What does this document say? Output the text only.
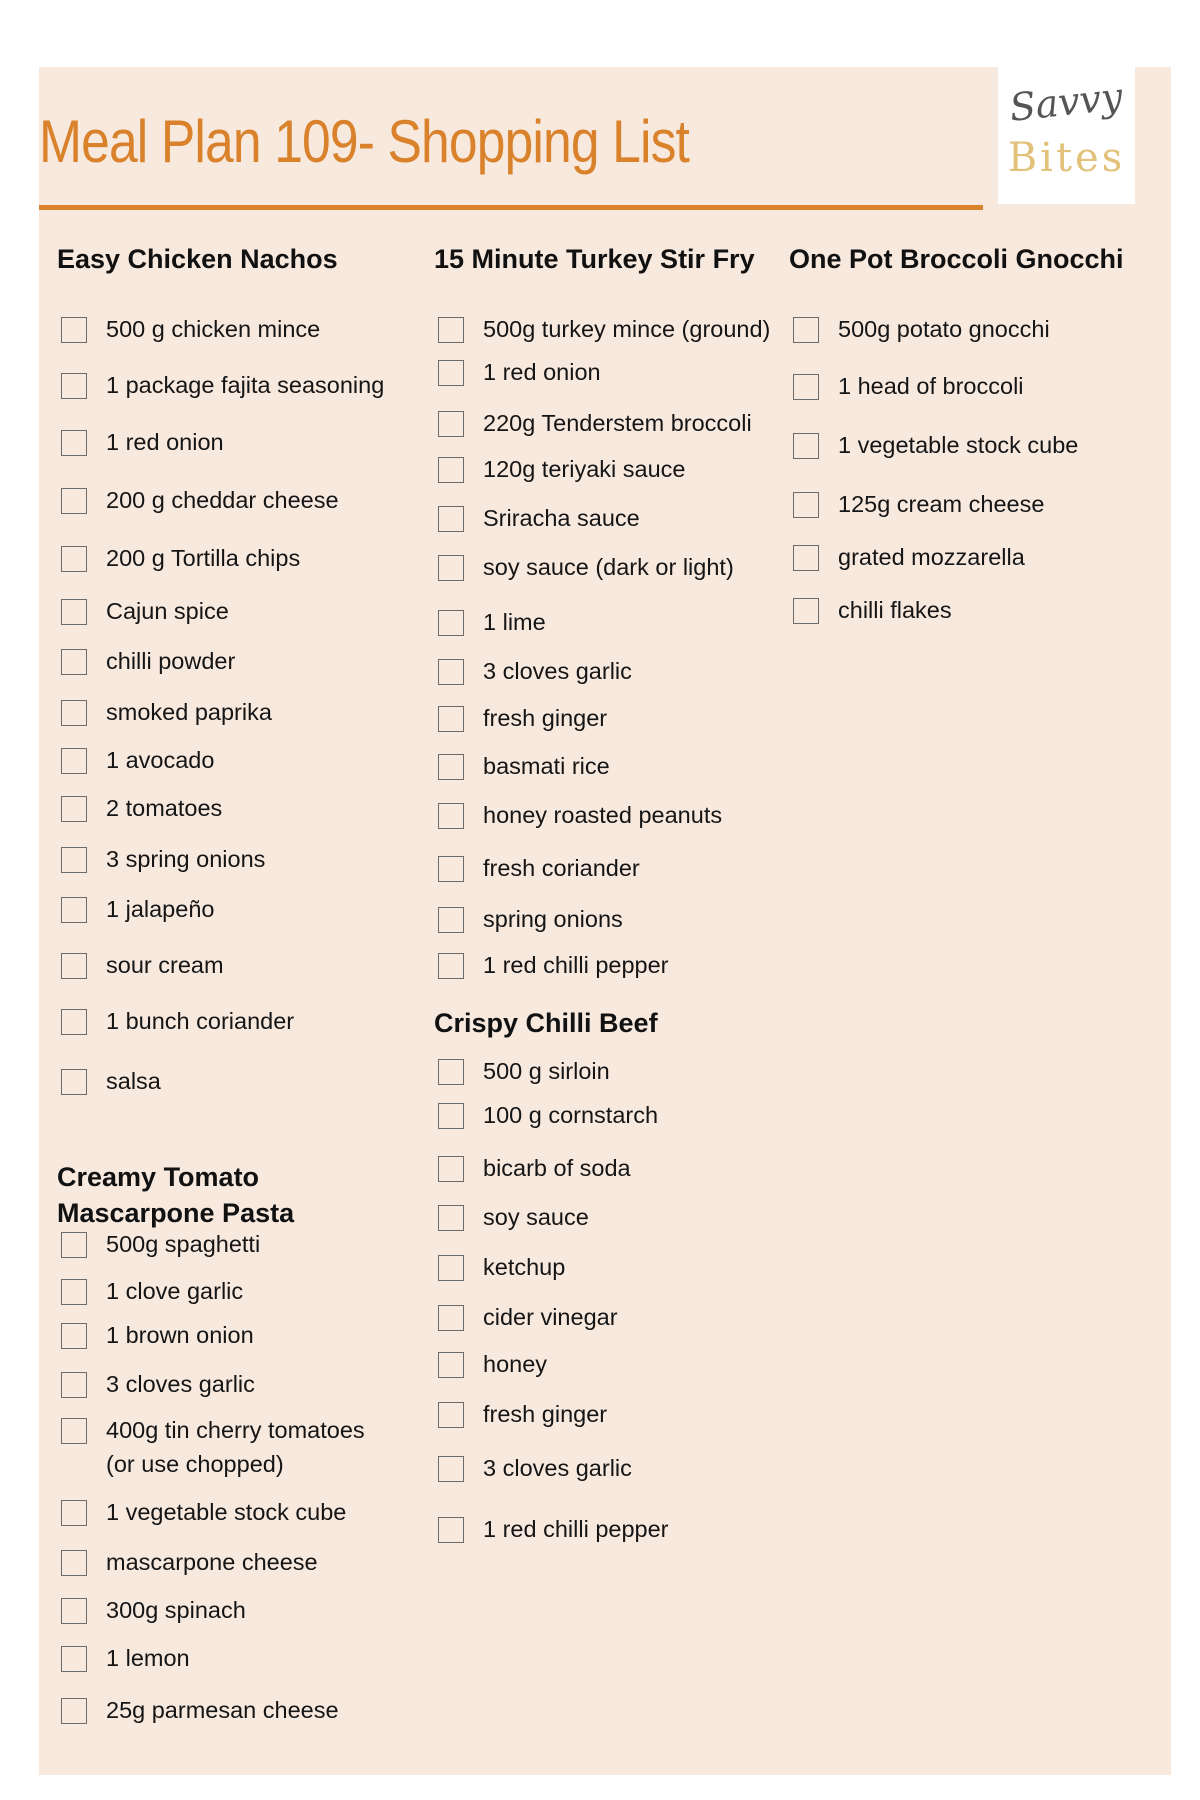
Meal Plan 109- Shopping List
Savvy
Bites
Easy Chicken Nachos
500 g chicken mince
1 package fajita seasoning
1 red onion
200 g cheddar cheese
200 g Tortilla chips
Cajun spice
chilli powder
smoked paprika
1 avocado
2 tomatoes
3 spring onions
1 jalapeño
sour cream
1 bunch coriander
salsa
Creamy Tomato Mascarpone Pasta
500g spaghetti
1 clove garlic
1 brown onion
3 cloves garlic
400g tin cherry tomatoes (or use chopped)
1 vegetable stock cube
mascarpone cheese
300g spinach
1 lemon
25g parmesan cheese
15 Minute Turkey Stir Fry
500g turkey mince (ground)
1 red onion
220g Tenderstem broccoli
120g teriyaki sauce
Sriracha sauce
soy sauce (dark or light)
1 lime
3 cloves garlic
fresh ginger
basmati rice
honey roasted peanuts
fresh coriander
spring onions
1 red chilli pepper
Crispy Chilli Beef
500 g sirloin
100 g cornstarch
bicarb of soda
soy sauce
ketchup
cider vinegar
honey
fresh ginger
3 cloves garlic
1 red chilli pepper
One Pot Broccoli Gnocchi
500g potato gnocchi
1 head of broccoli
1 vegetable stock cube
125g cream cheese
grated mozzarella
chilli flakes
